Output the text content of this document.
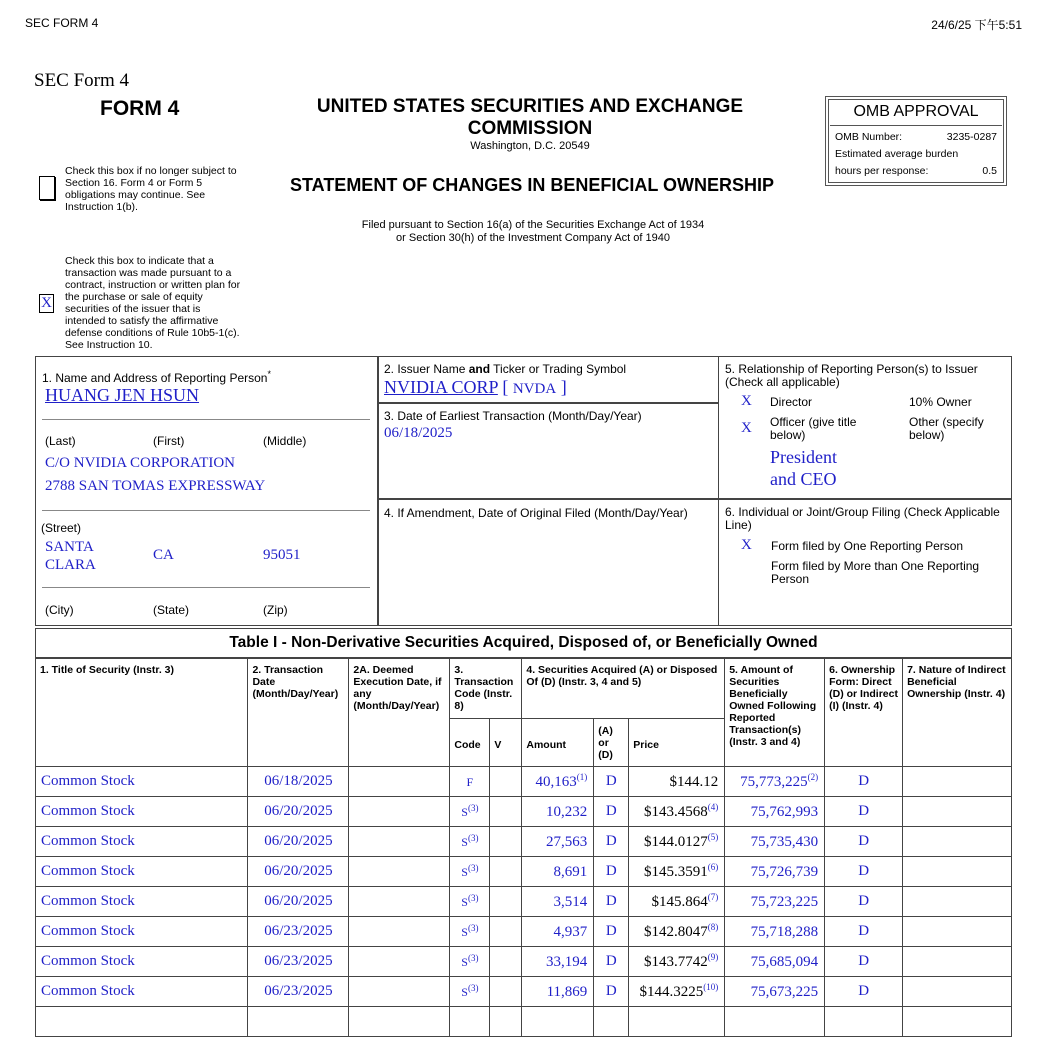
SEC FORM 4	24/6/25 下午5:51
SEC Form 4
FORM 4	UNITED STATES SECURITIES AND EXCHANGE
COMMISSION
Washington, D.C. 20549
STATEMENT OF CHANGES IN BENEFICIAL OWNERSHIP
Filed pursuant to Section 16(a) of the Securities Exchange Act of 1934
or Section 30(h) of the Investment Company Act of 1940
OMB APPROVAL
OMB Number:	3235-0287
Estimated average burden
hours per response:	0.5
Check this box if no longer subject to Section 16. Form 4 or Form 5 obligations may continue. See Instruction 1(b).
X
Check this box to indicate that a transaction was made pursuant to a contract, instruction or written plan for the purchase or sale of equity securities of the issuer that is intended to satisfy the affirmative defense conditions of Rule 10b5-1(c). See Instruction 10.
1. Name and Address of Reporting Person*
HUANG JEN HSUN
(Last)	(First)	(Middle)
C/O NVIDIA CORPORATION
2788 SAN TOMAS EXPRESSWAY
(Street)
SANTA
CLARA
CA	95051
(City)	(State)	(Zip)
2. Issuer Name and Ticker or Trading Symbol
NVIDIA CORP [ NVDA ]
3. Date of Earliest Transaction (Month/Day/Year)
06/18/2025
4. If Amendment, Date of Original Filed (Month/Day/Year)
5. Relationship of Reporting Person(s) to Issuer
(Check all applicable)
X Director	10% Owner
X Officer (give title below)
Other (specify below)
President
and CEO
6. Individual or Joint/Group Filing (Check Applicable Line)
X Form filed by One Reporting Person
Form filed by More than One Reporting Person
Table I - Non-Derivative Securities Acquired, Disposed of, or Beneficially Owned
1. Title of Security (Instr. 3)	2. Transaction Date (Month/Day/Year)	2A. Deemed Execution Date, if any (Month/Day/Year)	3. Transaction Code (Instr. 8)		4. Securities Acquired (A) or Disposed Of (D) (Instr. 3, 4 and 5)			5. Amount of Securities Beneficially Owned Following Reported Transaction(s) (Instr. 3 and 4)	6. Ownership Form: Direct (D) or Indirect (I) (Instr. 4)	7. Nature of Indirect Beneficial Ownership (Instr. 4)
			Code	V	Amount	(A) or (D)	Price			
Common Stock	06/18/2025		F		40,163$^{(1)}$	D	$144.12	75,773,225$^{(2)}$	D	
Common Stock	06/20/2025		$S^{(3)}$		10,232	D	$143.4568$^{(4)}$	75,762,993	D	
Common Stock	06/20/2025		$S^{(3)}$		27,563	D	$144.0127$^{(5)}$	75,735,430	D	
Common Stock	06/20/2025		$S^{(3)}$		8,691	D	$145.3591$^{(6)}$	75,726,739	D	
Common Stock	06/20/2025		$S^{(3)}$		3,514	D	$145.864$^{(7)}$	75,723,225	D	
Common Stock	06/23/2025		$S^{(3)}$		4,937	D	$142.8047$^{(8)}$	75,718,288	D	
Common Stock	06/23/2025		$S^{(3)}$		33,194	D	$143.7742$^{(9)}$	75,685,094	D	
Common Stock	06/23/2025		$S^{(3)}$		11,869	D	$144.3225$^{(10)}$	75,673,225	D	
